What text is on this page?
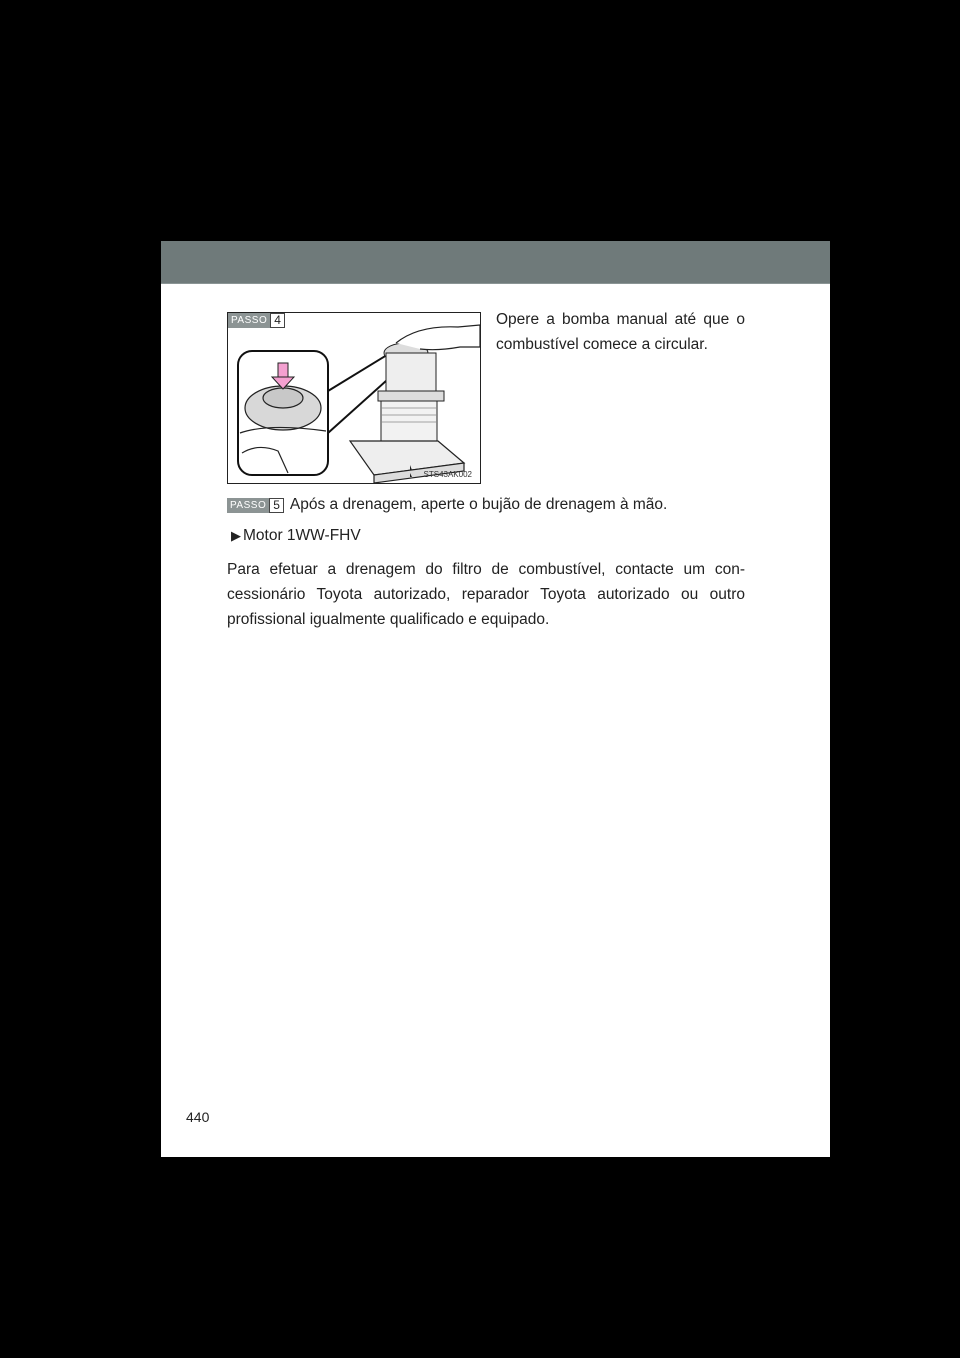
PASSO 4
STS43AK002
Opere a bomba manual até que o combustível comece a circular.
PASSO 5 Após a drenagem, aperte o bujão de drenagem à mão.
▶ Motor 1WW-FHV
Para efetuar a drenagem do filtro de combustível, contacte um con-cessionário Toyota autorizado, reparador Toyota autorizado ou outro profissional igualmente qualificado e equipado.
440
